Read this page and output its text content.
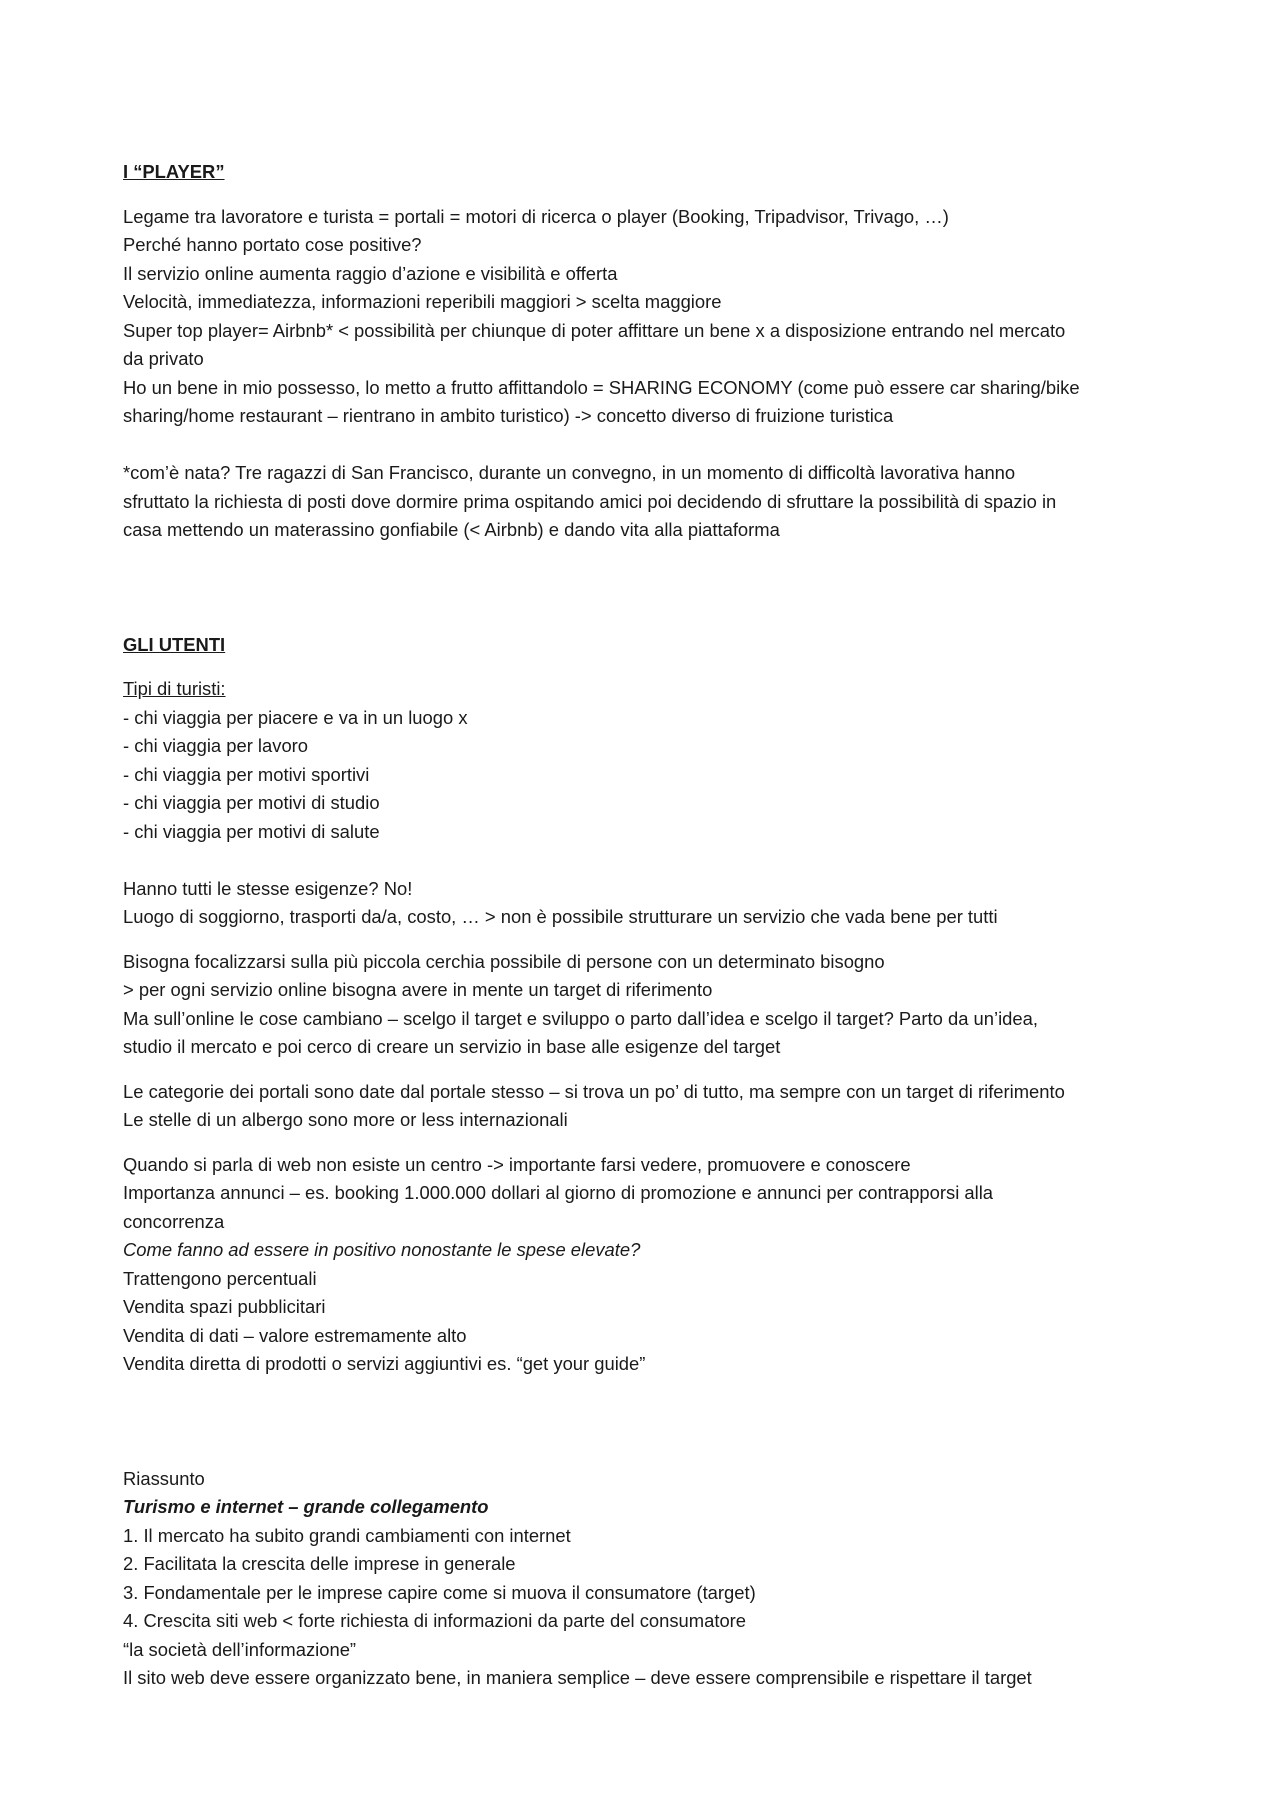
I “PLAYER”
Legame tra lavoratore e turista = portali = motori di ricerca o player (Booking, Tripadvisor, Trivago, …)
Perché hanno portato cose positive?
Il servizio online aumenta raggio d’azione e visibilità e offerta
Velocità, immediatezza, informazioni reperibili maggiori > scelta maggiore
Super top player= Airbnb* < possibilità per chiunque di poter affittare un bene x a disposizione entrando nel mercato
da privato
Ho un bene in mio possesso, lo metto a frutto affittandolo = SHARING ECONOMY (come può essere car sharing/bike
sharing/home restaurant – rientrano in ambito turistico) -> concetto diverso di fruizione turistica
*com’è nata? Tre ragazzi di San Francisco, durante un convegno, in un momento di difficoltà lavorativa hanno
sfruttato la richiesta di posti dove dormire prima ospitando amici poi decidendo di sfruttare la possibilità di spazio in
casa mettendo un materassino gonfiabile (< Airbnb) e dando vita alla piattaforma
GLI UTENTI
Tipi di turisti:
- chi viaggia per piacere e va in un luogo x
- chi viaggia per lavoro
- chi viaggia per motivi sportivi
- chi viaggia per motivi di studio
- chi viaggia per motivi di salute
Hanno tutti le stesse esigenze? No!
Luogo di soggiorno, trasporti da/a, costo, … > non è possibile strutturare un servizio che vada bene per tutti
Bisogna focalizzarsi sulla più piccola cerchia possibile di persone con un determinato bisogno
> per ogni servizio online bisogna avere in mente un target di riferimento
Ma sull’online le cose cambiano – scelgo il target e sviluppo o parto dall’idea e scelgo il target? Parto da un’idea,
studio il mercato e poi cerco di creare un servizio in base alle esigenze del target
Le categorie dei portali sono date dal portale stesso – si trova un po’ di tutto, ma sempre con un target di riferimento
Le stelle di un albergo sono more or less internazionali
Quando si parla di web non esiste un centro -> importante farsi vedere, promuovere e conoscere
Importanza annunci – es. booking 1.000.000 dollari al giorno di promozione e annunci per contrapporsi alla
concorrenza
Come fanno ad essere in positivo nonostante le spese elevate?
Trattengono percentuali
Vendita spazi pubblicitari
Vendita di dati – valore estremamente alto
Vendita diretta di prodotti o servizi aggiuntivi es. “get your guide”
Riassunto
Turismo e internet – grande collegamento
1. Il mercato ha subito grandi cambiamenti con internet
2. Facilitata la crescita delle imprese in generale
3. Fondamentale per le imprese capire come si muova il consumatore (target)
4. Crescita siti web < forte richiesta di informazioni da parte del consumatore
“la società dell’informazione”
Il sito web deve essere organizzato bene, in maniera semplice – deve essere comprensibile e rispettare il target
